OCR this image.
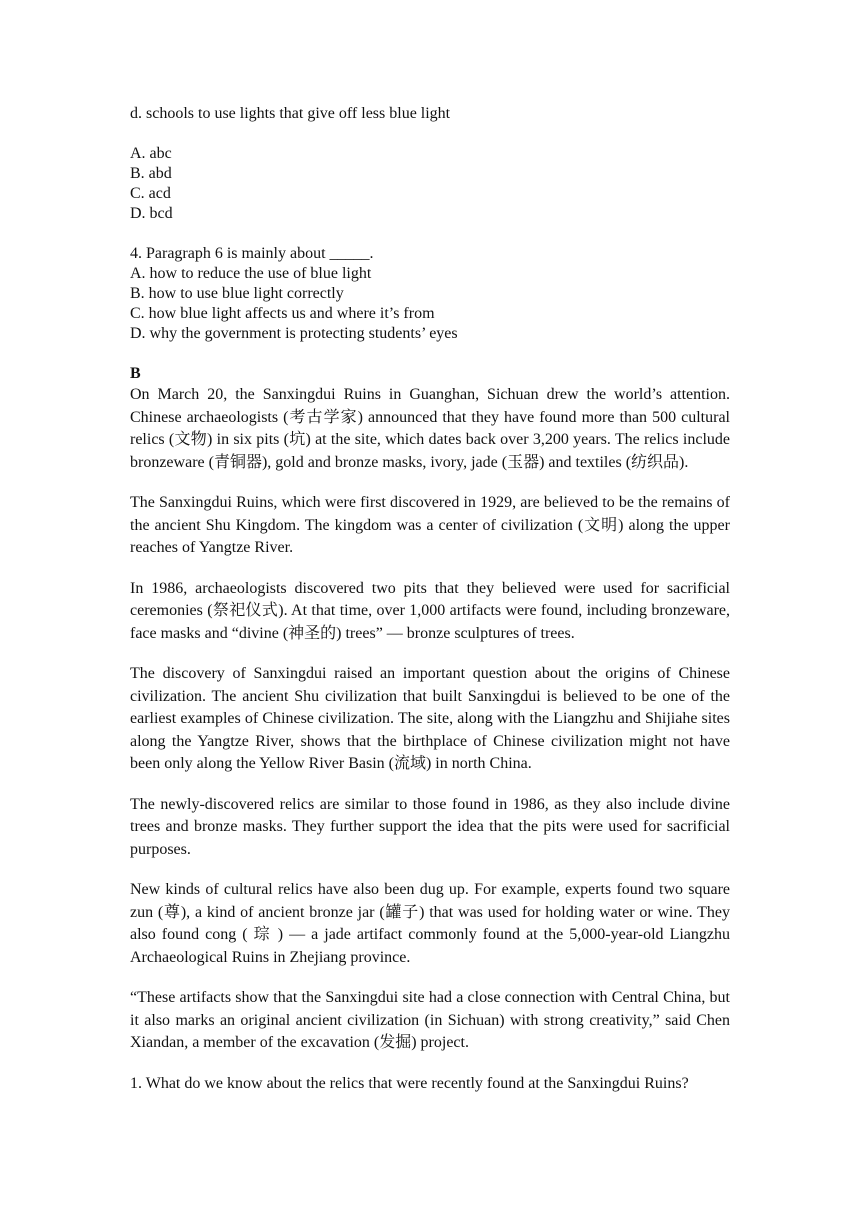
d. schools to use lights that give off less blue light

A. abc

B. abd

C. acd

D. bcd

4. Paragraph 6 is mainly about _____.

A. how to reduce the use of blue light

B. how to use blue light correctly

C. how blue light affects us and where it’s from

D. why the government is protecting students’ eyes

B

On March 20, the Sanxingdui Ruins in Guanghan, Sichuan drew the world’s attention. Chinese archaeologists (考古学家) announced that they have found more than 500 cultural relics (文物) in six pits (坑) at the site, which dates back over 3,200 years. The relics include bronzeware (青铜器), gold and bronze masks, ivory, jade (玉器) and textiles (纺织品).

The Sanxingdui Ruins, which were first discovered in 1929, are believed to be the remains of the ancient Shu Kingdom. The kingdom was a center of civilization (文明) along the upper reaches of Yangtze River.

In 1986, archaeologists discovered two pits that they believed were used for sacrificial ceremonies (祭祀仪式). At that time, over 1,000 artifacts were found, including bronzeware, face masks and “divine (神圣的) trees” — bronze sculptures of trees.

The discovery of Sanxingdui raised an important question about the origins of Chinese civilization. The ancient Shu civilization that built Sanxingdui is believed to be one of the earliest examples of Chinese civilization. The site, along with the Liangzhu and Shijiahe sites along the Yangtze River, shows that the birthplace of Chinese civilization might not have been only along the Yellow River Basin (流域) in north China.

The newly-discovered relics are similar to those found in 1986, as they also include divine trees and bronze masks. They further support the idea that the pits were used for sacrificial purposes.

New kinds of cultural relics have also been dug up. For example, experts found two square zun (尊), a kind of ancient bronze jar (罐子) that was used for holding water or wine. They also found cong ( 琮 ) — a jade artifact commonly found at the 5,000-year-old Liangzhu Archaeological Ruins in Zhejiang province.

“These artifacts show that the Sanxingdui site had a close connection with Central China, but it also marks an original ancient civilization (in Sichuan) with strong creativity,” said Chen Xiandan, a member of the excavation (发掘) project.

1. What do we know about the relics that were recently found at the Sanxingdui Ruins?
